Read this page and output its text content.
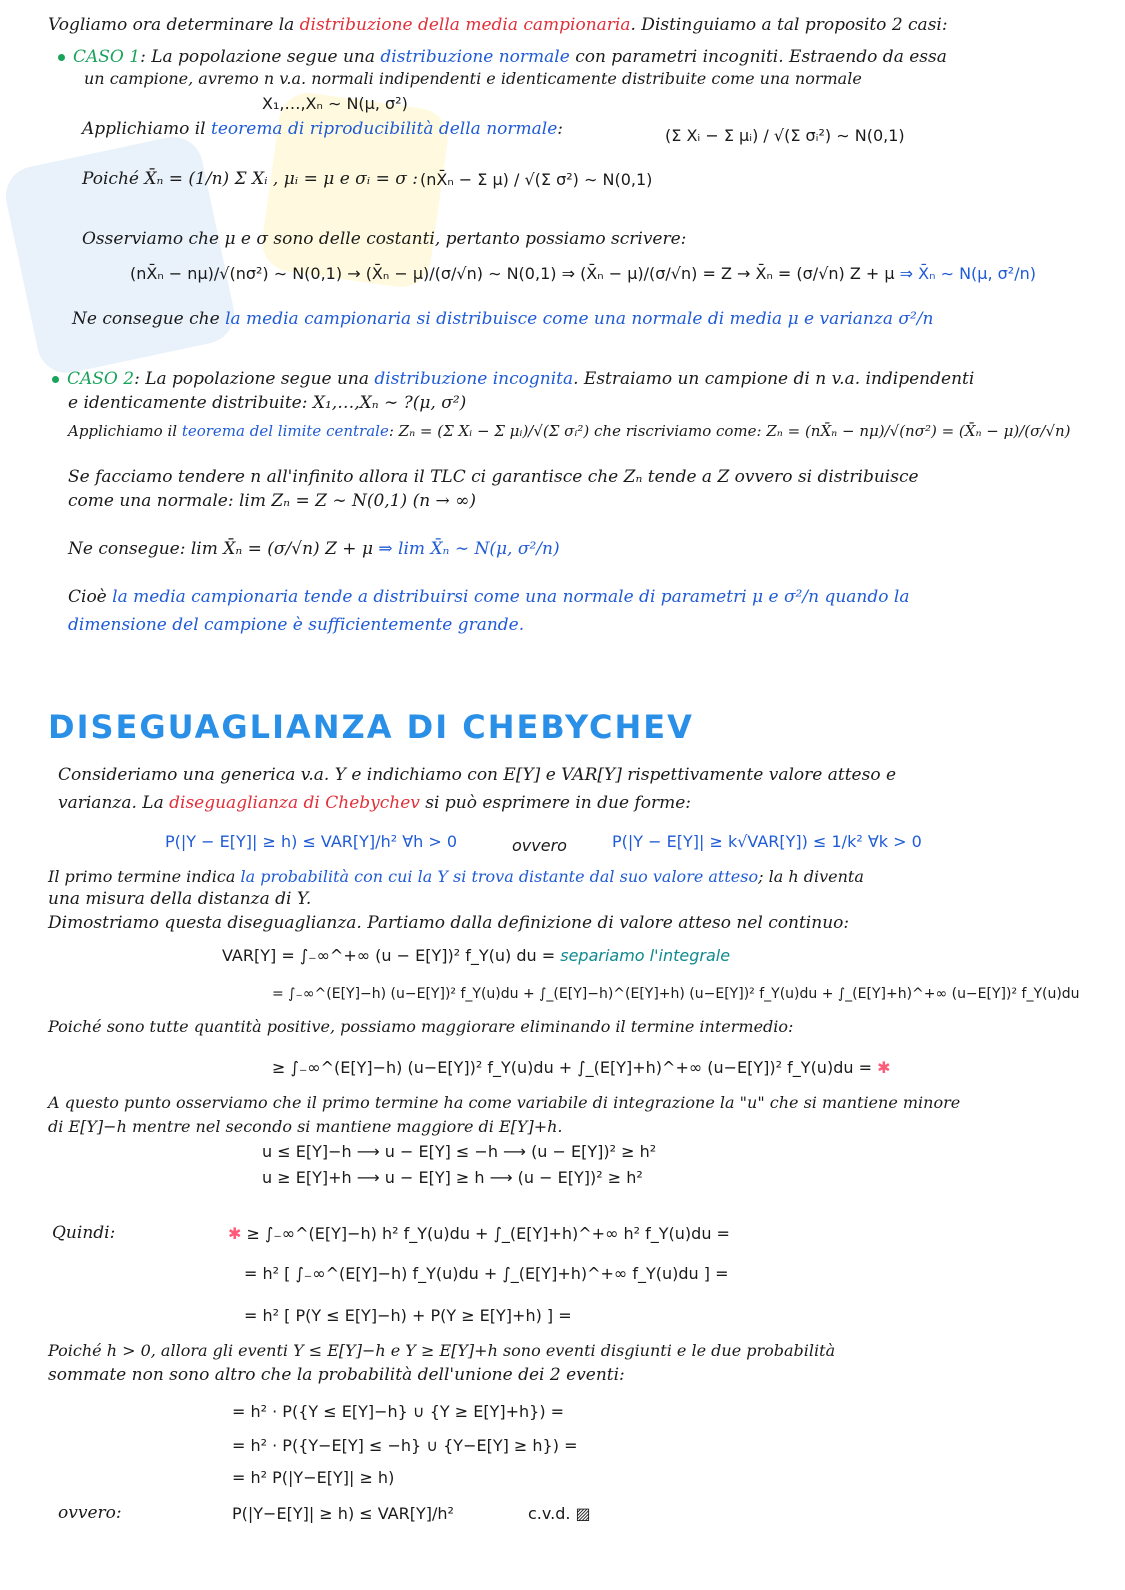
Vogliamo ora determinare la distribuzione della media campionaria. Distinguiamo a tal proposito 2 casi:
CASO 1: La popolazione segue una distribuzione normale con parametri incogniti. Estraendo da essa
un campione, avremo n v.a. normali indipendenti e identicamente distribuite come una normale
X₁,…,Xₙ ∼ N(μ, σ²)
Applichiamo il teorema di riproducibilità della normale:	(Σ Xᵢ − Σ μᵢ) / √(Σ σᵢ²) ∼ N(0,1)
Poiché X̄ₙ = (1/n) Σ Xᵢ , μᵢ = μ e σᵢ = σ : (nX̄ₙ − Σ μ) / √(Σ σ²) ∼ N(0,1)
Osserviamo che μ e σ sono delle costanti, pertanto possiamo scrivere:
(nX̄ₙ − nμ)/√(nσ²) ∼ N(0,1) → (X̄ₙ − μ)/(σ/√n) ∼ N(0,1) ⇒ (X̄ₙ − μ)/(σ/√n) = Z → X̄ₙ = (σ/√n) Z + μ ⇒ X̄ₙ ∼ N(μ, σ²/n)
Ne consegue che la media campionaria si distribuisce come una normale di media μ e varianza σ²/n
CASO 2: La popolazione segue una distribuzione incognita. Estraiamo un campione di n v.a. indipendenti
e identicamente distribuite: X₁,…,Xₙ ∼ ?(μ, σ²)
Applichiamo il teorema del limite centrale: Zₙ = (Σ Xᵢ − Σ μᵢ)/√(Σ σᵢ²) che riscriviamo come: Zₙ = (nX̄ₙ − nμ)/√(nσ²) = (X̄ₙ − μ)/(σ/√n)
Se facciamo tendere n all'infinito allora il TLC ci garantisce che Zₙ tende a Z ovvero si distribuisce
come una normale: lim Zₙ = Z ∼ N(0,1) (n → ∞)
Ne consegue: lim X̄ₙ = (σ/√n) Z + μ ⇒ lim X̄ₙ ∼ N(μ, σ²/n)
Cioè la media campionaria tende a distribuirsi come una normale di parametri μ e σ²/n quando la
dimensione del campione è sufficientemente grande.
DISEGUAGLIANZA DI CHEBYCHEV
Consideriamo una generica v.a. Y e indichiamo con E[Y] e VAR[Y] rispettivamente valore atteso e
varianza. La diseguaglianza di Chebychev si può esprimere in due forme:
P(|Y − E[Y]| ≥ h) ≤ VAR[Y]/h² ∀h > 0	ovvero	P(|Y − E[Y]| ≥ k√VAR[Y]) ≤ 1/k² ∀k > 0
Il primo termine indica la probabilità con cui la Y si trova distante dal suo valore atteso; la h diventa
una misura della distanza di Y.
Dimostriamo questa diseguaglianza. Partiamo dalla definizione di valore atteso nel continuo:
VAR[Y] = ∫₋∞^+∞ (u − E[Y])² f_Y(u) du = separiamo l'integrale
= ∫₋∞^(E[Y]−h) (u−E[Y])² f_Y(u)du + ∫_(E[Y]−h)^(E[Y]+h) (u−E[Y])² f_Y(u)du + ∫_(E[Y]+h)^+∞ (u−E[Y])² f_Y(u)du
Poiché sono tutte quantità positive, possiamo maggiorare eliminando il termine intermedio:
≥ ∫₋∞^(E[Y]−h) (u−E[Y])² f_Y(u)du + ∫_(E[Y]+h)^+∞ (u−E[Y])² f_Y(u)du = ✱
A questo punto osserviamo che il primo termine ha come variabile di integrazione la "u" che si mantiene minore
di E[Y]−h mentre nel secondo si mantiene maggiore di E[Y]+h.
u ≤ E[Y]−h ⟶ u − E[Y] ≤ −h ⟶ (u − E[Y])² ≥ h²
u ≥ E[Y]+h ⟶ u − E[Y] ≥ h ⟶ (u − E[Y])² ≥ h²
Quindi:	✱ ≥ ∫₋∞^(E[Y]−h) h² f_Y(u)du + ∫_(E[Y]+h)^+∞ h² f_Y(u)du =
= h² [ ∫₋∞^(E[Y]−h) f_Y(u)du + ∫_(E[Y]+h)^+∞ f_Y(u)du ] =
= h² [ P(Y ≤ E[Y]−h) + P(Y ≥ E[Y]+h) ] =
Poiché h > 0, allora gli eventi Y ≤ E[Y]−h e Y ≥ E[Y]+h sono eventi disgiunti e le due probabilità
sommate non sono altro che la probabilità dell'unione dei 2 eventi:
= h² · P({Y ≤ E[Y]−h} ∪ {Y ≥ E[Y]+h}) =
= h² · P({Y−E[Y] ≤ −h} ∪ {Y−E[Y] ≥ h}) =
= h² P(|Y−E[Y]| ≥ h)
ovvero:	P(|Y−E[Y]| ≥ h) ≤ VAR[Y]/h²	c.v.d. ▨
